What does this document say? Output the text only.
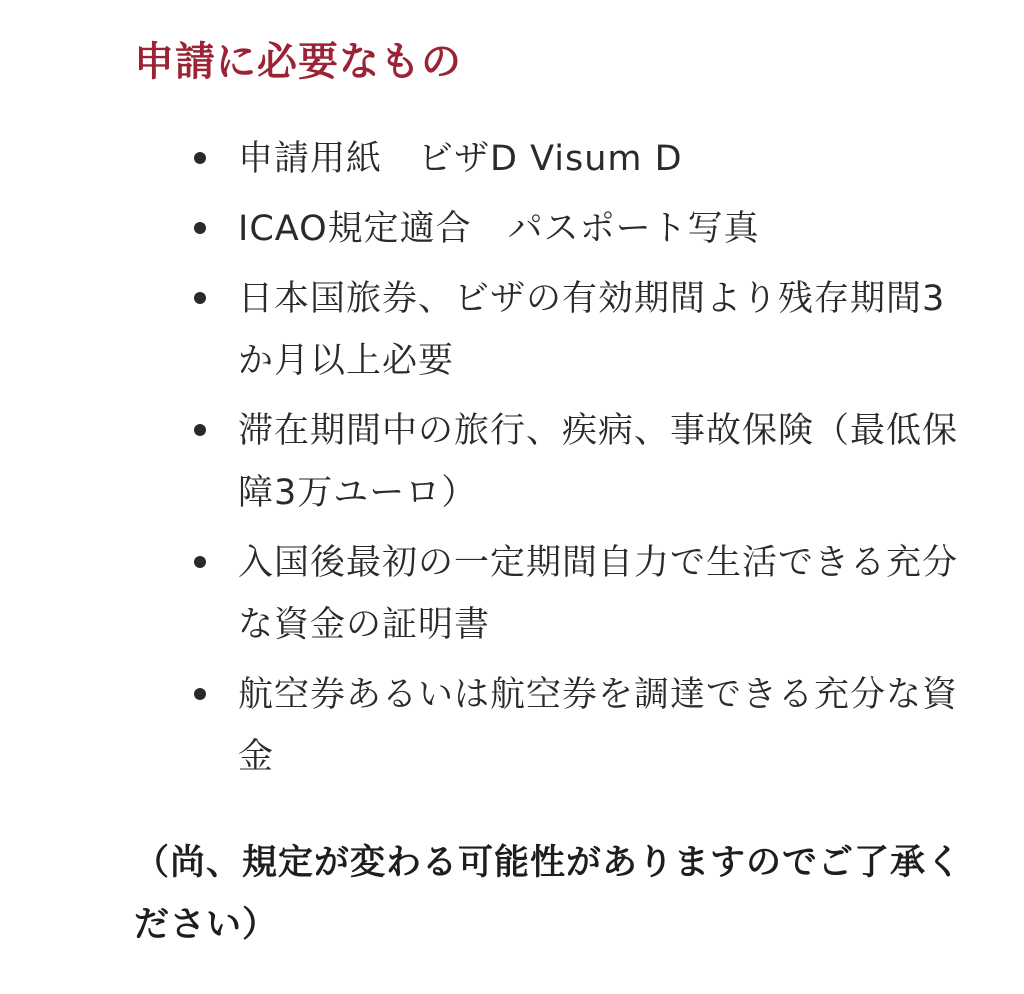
申請に必要なもの
申請用紙　ビザD Visum D
ICAO規定適合　パスポート写真
日本国旅券、ビザの有効期間より残存期間3か月以上必要
滞在期間中の旅行、疾病、事故保険（最低保障3万ユーロ）
入国後最初の一定期間自力で生活できる充分な資金の証明書
航空券あるいは航空券を調達できる充分な資金

（尚、規定が変わる可能性がありますのでご了承ください）
